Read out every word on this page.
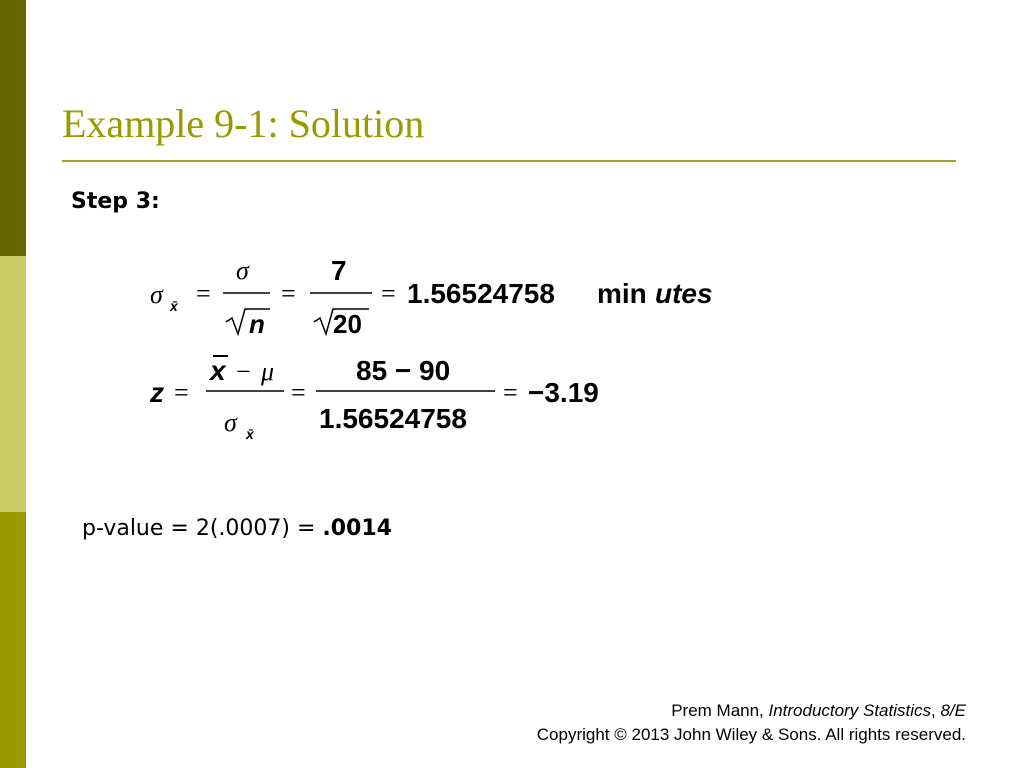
Example 9-1: Solution
Step 3:
σ x̄ =
σ
n
=
7
20
= 1.56524758 min utes
z =
x − μ
σ x̄
=
85 − 90
1.56524758
= −3.19
p-value = 2(.0007) = .0014
Prem Mann, Introductory Statistics, 8/E
Copyright © 2013 John Wiley & Sons. All rights reserved.
